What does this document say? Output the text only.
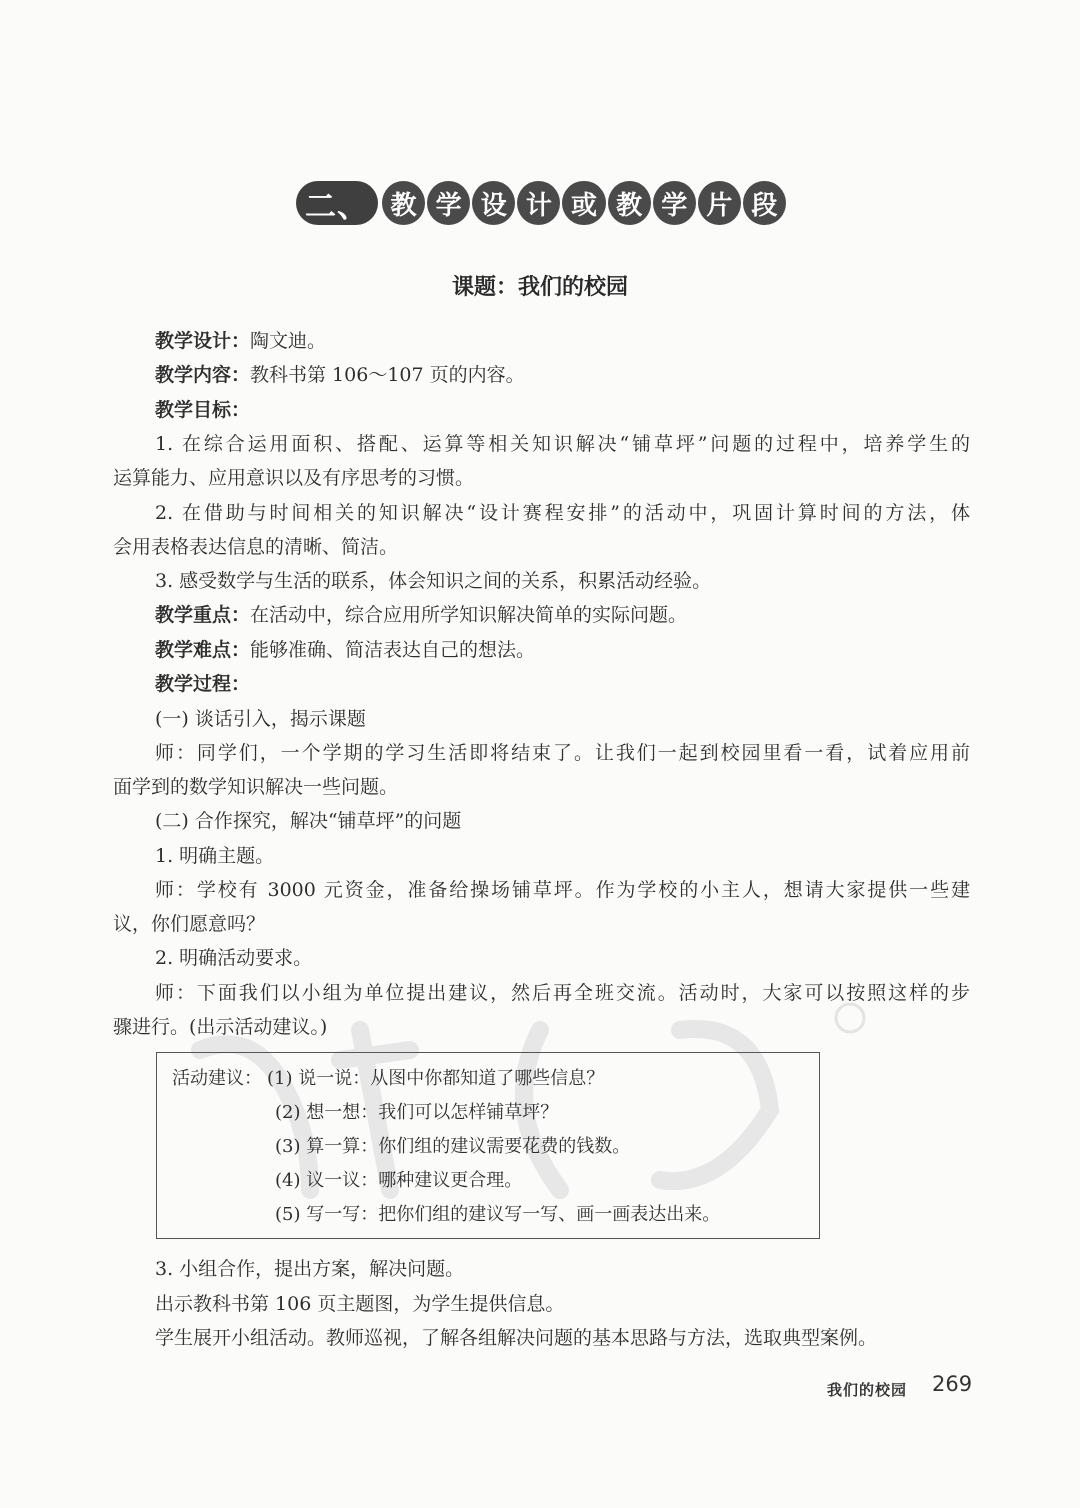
二、 教 学 设 计 或 教 学 片 段
课题：我们的校园
教学设计：陶文迪。
教学内容：教科书第 106～107 页的内容。
教学目标：
1. 在综合运用面积、搭配、运算等相关知识解决“铺草坪”问题的过程中，培养学生的
运算能力、应用意识以及有序思考的习惯。
2. 在借助与时间相关的知识解决“设计赛程安排”的活动中，巩固计算时间的方法，体
会用表格表达信息的清晰、简洁。
3. 感受数学与生活的联系，体会知识之间的关系，积累活动经验。
教学重点：在活动中，综合应用所学知识解决简单的实际问题。
教学难点：能够准确、简洁表达自己的想法。
教学过程：
(一) 谈话引入，揭示课题
师：同学们，一个学期的学习生活即将结束了。让我们一起到校园里看一看，试着应用前
面学到的数学知识解决一些问题。
(二) 合作探究，解决“铺草坪”的问题
1. 明确主题。
师：学校有 3000 元资金，准备给操场铺草坪。作为学校的小主人，想请大家提供一些建
议，你们愿意吗？
2. 明确活动要求。
师：下面我们以小组为单位提出建议，然后再全班交流。活动时，大家可以按照这样的步
骤进行。(出示活动建议。)
活动建议： (1) 说一说：从图中你都知道了哪些信息？
(2) 想一想：我们可以怎样铺草坪？
(3) 算一算：你们组的建议需要花费的钱数。
(4) 议一议：哪种建议更合理。
(5) 写一写：把你们组的建议写一写、画一画表达出来。
3. 小组合作，提出方案，解决问题。
出示教科书第 106 页主题图，为学生提供信息。
学生展开小组活动。教师巡视，了解各组解决问题的基本思路与方法，选取典型案例。
我们的校园 269
